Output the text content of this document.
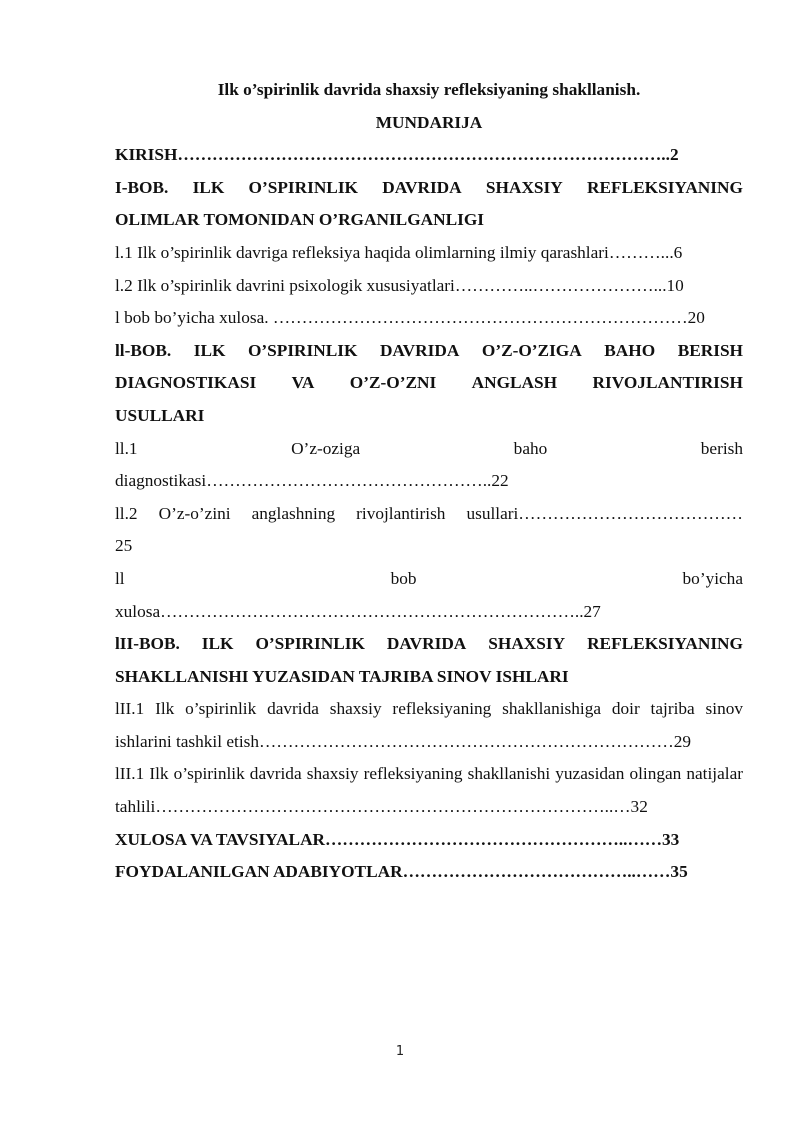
Ilk o’spirinlik davrida shaxsiy refleksiyaning shakllanish.
MUNDARIJA
KIRISH…………………………………………………………………………..2
I-BOB. ILK O’SPIRINLIK DAVRIDA SHAXSIY REFLEKSIYANING
OLIMLAR TOMONIDAN O’RGANILGANLIGI
l.1 Ilk o’spirinlik davriga refleksiya haqida olimlarning ilmiy qarashlari………...6
l.2 Ilk o’spirinlik davrini psixologik xususiyatlari…………..…………………...10
l bob bo’yicha xulosa. ………………………………………………………………20
ll-BOB. ILK O’SPIRINLIK DAVRIDA O’Z-O’ZIGA BAHO BERISH
DIAGNOSTIKASI VA O’Z-O’ZNI ANGLASH RIVOJLANTIRISH
USULLARI
ll.1	O’z-oziga	baho	berish
diagnostikasi…………………………………………..22
ll.2 O’z-o’zini anglashning rivojlantirish usullari…………………………………
25
ll	bob	bo’yicha
xulosa………………………………………………………………..27
lII-BOB. ILK O’SPIRINLIK DAVRIDA SHAXSIY REFLEKSIYANING
SHAKLLANISHI YUZASIDAN TAJRIBA SINOV ISHLARI
lII.1 Ilk o’spirinlik davrida shaxsiy refleksiyaning shakllanishiga doir tajriba sinov ishlarini tashkil etish………………………………………………………………29
lII.1 Ilk o’spirinlik davrida shaxsiy refleksiyaning shakllanishi yuzasidan olingan natijalar tahlili……………………………………………………………………..…32
XULOSA VA TAVSIYALAR……………………………………………..……33
FOYDALANILGAN ADABIYOTLAR…………………………………..……35
1
